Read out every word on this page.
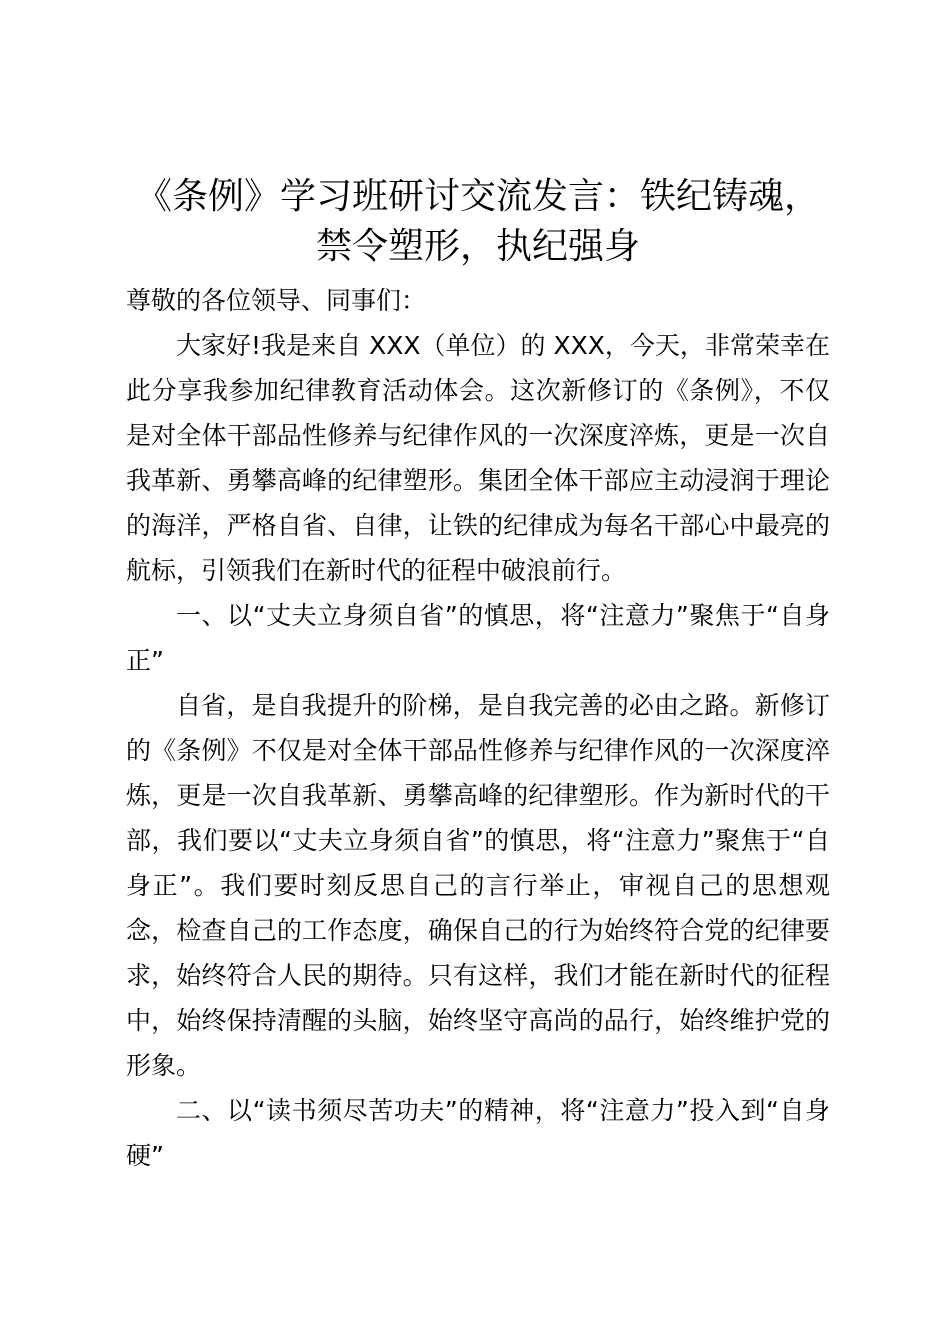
《条例》学习班研讨交流发言：铁纪铸魂，禁令塑形，执纪强身

尊敬的各位领导、同事们：

大家好!我是来自 XXX（单位）的 XXX，今天，非常荣幸在此分享我参加纪律教育活动体会。这次新修订的《条例》，不仅是对全体干部品性修养与纪律作风的一次深度淬炼，更是一次自我革新、勇攀高峰的纪律塑形。集团全体干部应主动浸润于理论的海洋，严格自省、自律，让铁的纪律成为每名干部心中最亮的航标，引领我们在新时代的征程中破浪前行。

一、以“丈夫立身须自省”的慎思，将“注意力”聚焦于“自身正”

自省，是自我提升的阶梯，是自我完善的必由之路。新修订的《条例》不仅是对全体干部品性修养与纪律作风的一次深度淬炼，更是一次自我革新、勇攀高峰的纪律塑形。作为新时代的干部，我们要以“丈夫立身须自省”的慎思，将“注意力”聚焦于“自身正”。我们要时刻反思自己的言行举止，审视自己的思想观念，检查自己的工作态度，确保自己的行为始终符合党的纪律要求，始终符合人民的期待。只有这样，我们才能在新时代的征程中，始终保持清醒的头脑，始终坚守高尚的品行，始终维护党的形象。

二、以“读书须尽苦功夫”的精神，将“注意力”投入到“自身硬”
